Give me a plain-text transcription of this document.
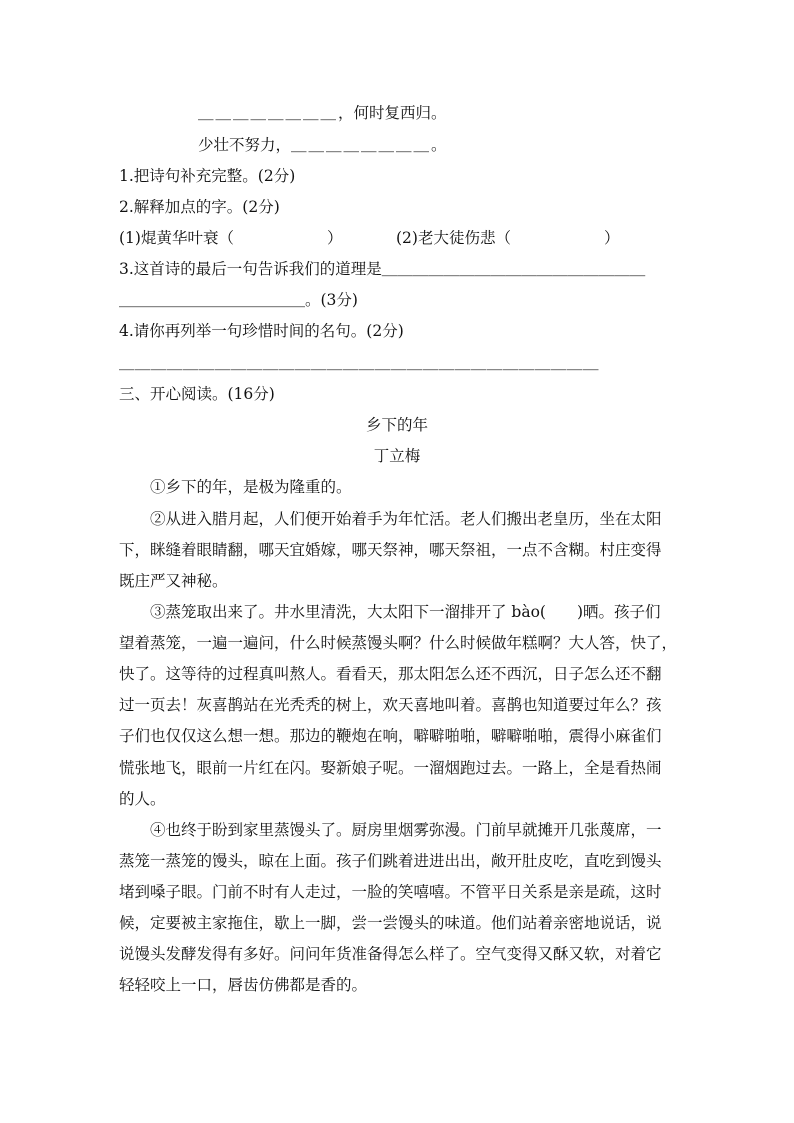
＿＿＿＿＿＿＿＿，何时复西归。
少壮不努力，＿＿＿＿＿＿＿＿。
1.把诗句补充完整。(2分)
2.解释加点的字。(2分)
(1)焜黄华叶衰（　　　　　　）	(2)老大徒伤悲（　　　　　　）
3.这首诗的最后一句告诉我们的道理是＿＿＿＿＿＿＿＿＿＿＿＿＿＿＿＿＿
＿＿＿＿＿＿＿＿＿＿＿＿。(3分)
4.请你再列举一句珍惜时间的名句。(2分)
＿＿＿＿＿＿＿＿＿＿＿＿＿＿＿＿＿＿＿＿＿＿＿＿＿＿＿＿＿＿
三、开心阅读。(16分)
乡下的年
丁立梅
①乡下的年，是极为隆重的。
②从进入腊月起，人们便开始着手为年忙活。老人们搬出老皇历，坐在太阳
下，眯缝着眼睛翻，哪天宜婚嫁，哪天祭神，哪天祭祖，一点不含糊。村庄变得
既庄严又神秘。
③蒸笼取出来了。井水里清洗，大太阳下一溜排开了 bào(　　)晒。孩子们
望着蒸笼，一遍一遍问，什么时候蒸馒头啊？什么时候做年糕啊？大人答，快了，
快了。这等待的过程真叫熬人。看看天，那太阳怎么还不西沉，日子怎么还不翻
过一页去！灰喜鹊站在光秃秃的树上，欢天喜地叫着。喜鹊也知道要过年么？孩
子们也仅仅这么想一想。那边的鞭炮在响，噼噼啪啪，噼噼啪啪，震得小麻雀们
慌张地飞，眼前一片红在闪。娶新娘子呢。一溜烟跑过去。一路上，全是看热闹
的人。
④也终于盼到家里蒸馒头了。厨房里烟雾弥漫。门前早就摊开几张蔑席，一
蒸笼一蒸笼的馒头，晾在上面。孩子们跳着进进出出，敞开肚皮吃，直吃到馒头
堵到嗓子眼。门前不时有人走过，一脸的笑嘻嘻。不管平日关系是亲是疏，这时
候，定要被主家拖住，歇上一脚，尝一尝馒头的味道。他们站着亲密地说话，说
说馒头发酵发得有多好。问问年货准备得怎么样了。空气变得又酥又软，对着它
轻轻咬上一口，唇齿仿佛都是香的。
